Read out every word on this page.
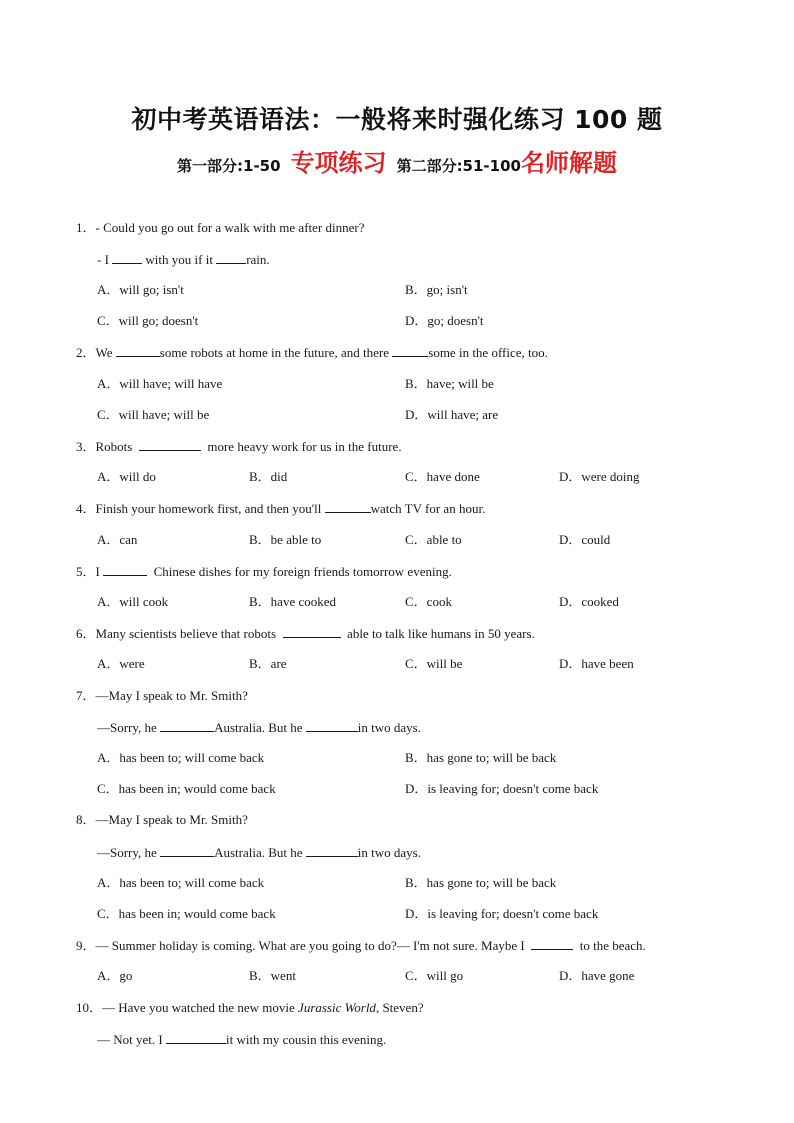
初中考英语语法：一般将来时强化练习 100 题
第一部分:1-50 专项练习 第二部分:51-100名师解题
1．- Could you go out for a walk with me after dinner?
- I	with you if it	rain.
A．will go; isn't	B．go; isn't
C．will go; doesn't	D．go; doesn't
2．We	some robots at home in the future, and there	some in the office, too.
A．will have; will have	B．have; will be
C．will have; will be	D．will have; are
3．Robots	more heavy work for us in the future.
A．will do	B．did	C．have done	D．were doing
4．Finish your homework first, and then you'll	watch TV for an hour.
A．can	B．be able to	C．able to	D．could
5．I	Chinese dishes for my foreign friends tomorrow evening.
A．will cook	B．have cooked	C．cook	D．cooked
6．Many scientists believe that robots	able to talk like humans in 50 years.
A．were	B．are	C．will be	D．have been
7．—May I speak to Mr. Smith?
—Sorry, he	Australia. But he	in two days.
A．has been to; will come back	B．has gone to; will be back
C．has been in; would come back	D．is leaving for; doesn't come back
8．—May I speak to Mr. Smith?
—Sorry, he	Australia. But he	in two days.
A．has been to; will come back	B．has gone to; will be back
C．has been in; would come back	D．is leaving for; doesn't come back
9．— Summer holiday is coming. What are you going to do?— I'm not sure. Maybe I	to the beach.
A．go	B．went	C．will go	D．have gone
10．— Have you watched the new movie Jurassic World, Steven?
— Not yet. I	it with my cousin this evening.
